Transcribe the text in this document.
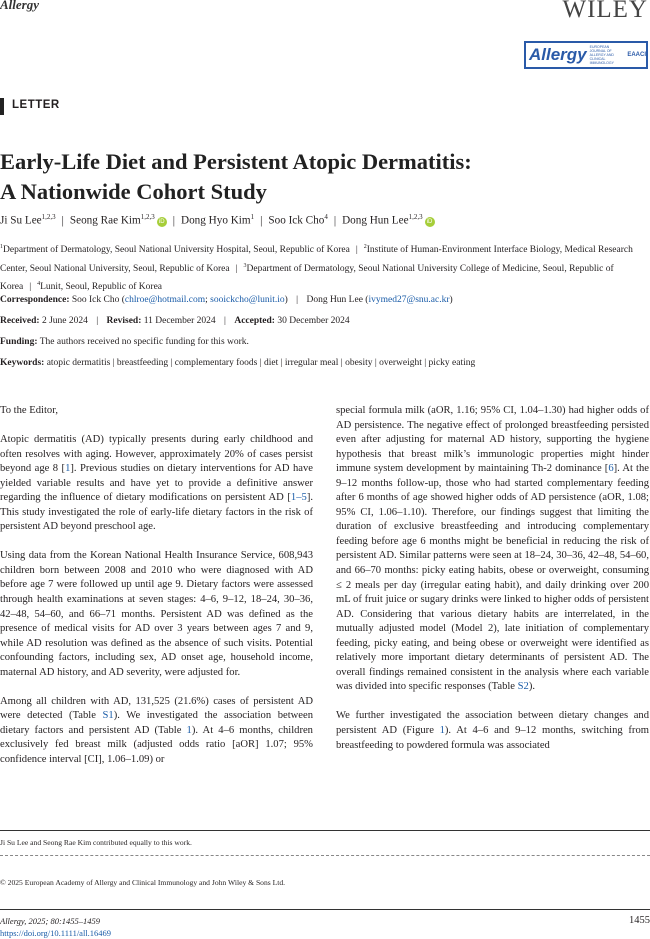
Allergy	WILEY
Allergy EUROPEAN JOURNAL OF ALLERGY AND CLINICAL IMMUNOLOGY
EAACI
LETTER
Early-Life Diet and Persistent Atopic Dermatitis:
A Nationwide Cohort Study
Ji Su Lee$^{1,2,3}$ | Seong Rae Kim$^{1,2,3}$iD | Dong Hyo Kim$^1$ | Soo Ick Cho$^4$ | Dong Hun Lee$^{1,2,3}$iD
$^1$Department of Dermatology, Seoul National University Hospital, Seoul, Republic of Korea | $^2$Institute of Human-Environment Interface Biology, Medical Research Center, Seoul National University, Seoul, Republic of Korea | $^3$Department of Dermatology, Seoul National University College of Medicine, Seoul, Republic of Korea | $^4$Lunit, Seoul, Republic of Korea
Correspondence: Soo Ick Cho (chlroe@hotmail.com; sooickcho@lunit.io) | Dong Hun Lee (ivymed27@snu.ac.kr)
Received: 2 June 2024 | Revised: 11 December 2024 | Accepted: 30 December 2024
Funding: The authors received no specific funding for this work.
Keywords: atopic dermatitis | breastfeeding | complementary foods | diet | irregular meal | obesity | overweight | picky eating

To the Editor,

Atopic dermatitis (AD) typically presents during early childhood and often resolves with aging. However, approximately 20% of cases persist beyond age 8 [1]. Previous studies on dietary interventions for AD have yielded variable results and have yet to provide a definitive answer regarding the influence of dietary modifications on persistent AD [1–5]. This study investigated the role of early-life dietary factors in the risk of persistent AD beyond preschool age.

Using data from the Korean National Health Insurance Service, 608,943 children born between 2008 and 2010 who were diagnosed with AD before age 7 were followed up until age 9. Dietary factors were assessed through health examinations at seven stages: 4–6, 9–12, 18–24, 30–36, 42–48, 54–60, and 66–71 months. Persistent AD was defined as the presence of medical visits for AD over 3 years between ages 7 and 9, while AD resolution was defined as the absence of such visits. Potential confounding factors, including sex, AD onset age, household income, maternal AD history, and AD severity, were adjusted for.

Among all children with AD, 131,525 (21.6%) cases of persistent AD were detected (Table S1). We investigated the association between dietary factors and persistent AD (Table 1). At 4–6 months, children exclusively fed breast milk (adjusted odds ratio [aOR] 1.07; 95% confidence interval [CI], 1.06–1.09) or

special formula milk (aOR, 1.16; 95% CI, 1.04–1.30) had higher odds of AD persistence. The negative effect of prolonged breastfeeding persisted even after adjusting for maternal AD history, supporting the hygiene hypothesis that breast milk’s immunologic properties might hinder immune system development by maintaining Th-2 dominance [6]. At the 9–12 months follow-up, those who had started complementary feeding after 6 months of age showed higher odds of AD persistence (aOR, 1.08; 95% CI, 1.06–1.10). Therefore, our findings suggest that limiting the duration of exclusive breastfeeding and introducing complementary feeding before age 6 months might be beneficial in reducing the risk of persistent AD. Similar patterns were seen at 18–24, 30–36, 42–48, 54–60, and 66–70 months: picky eating habits, obese or overweight, consuming ≤ 2 meals per day (irregular eating habit), and daily drinking over 200 mL of fruit juice or sugary drinks were linked to higher odds of persistent AD. Considering that various dietary habits are interrelated, in the mutually adjusted model (Model 2), late initiation of complementary feeding, picky eating, and being obese or overweight were identified as relatively more important dietary determinants of persistent AD. The overall findings remained consistent in the analysis where each variable was divided into specific responses (Table S2).

We further investigated the association between dietary changes and persistent AD (Figure 1). At 4–6 and 9–12 months, switching from breastfeeding to powdered formula was associated

Ji Su Lee and Seong Rae Kim contributed equally to this work.
© 2025 European Academy of Allergy and Clinical Immunology and John Wiley & Sons Ltd.
Allergy, 2025; 80:1455–1459
https://doi.org/10.1111/all.16469
1455
